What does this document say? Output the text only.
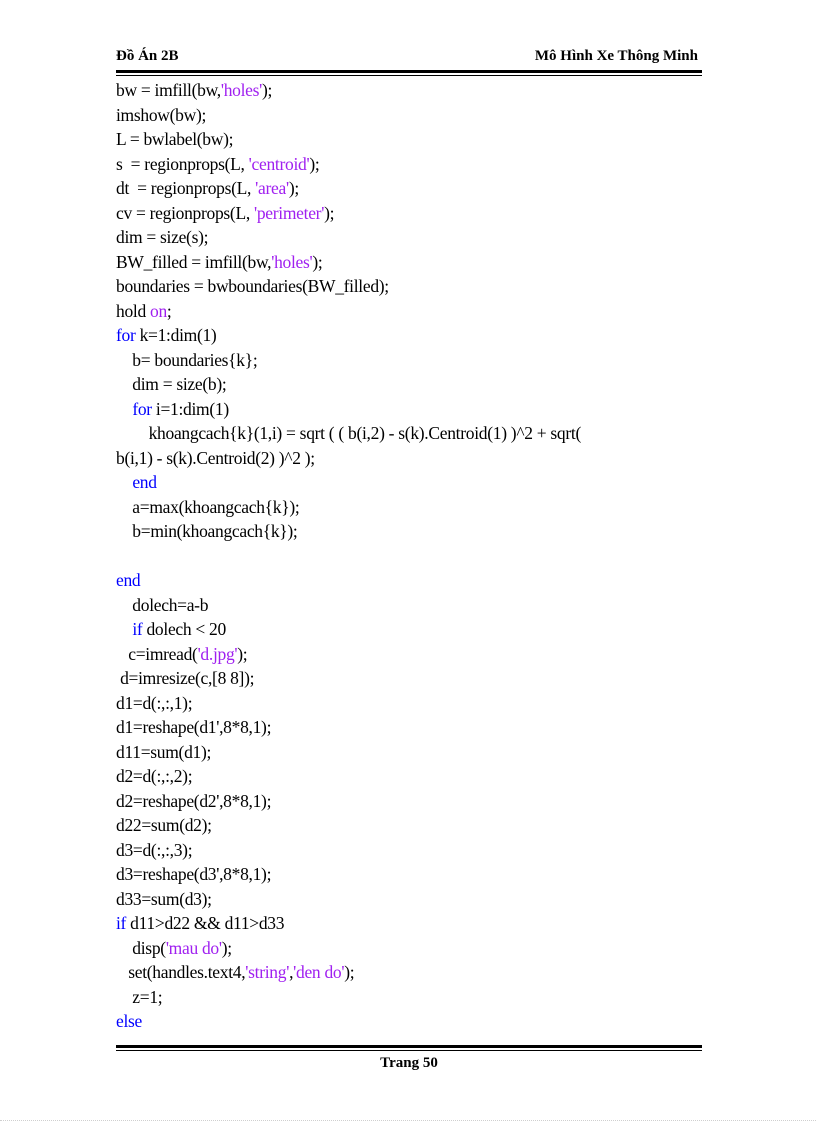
Đồ Án 2B	Mô Hình Xe Thông Minh
bw = imfill(bw,'holes');
imshow(bw);
L = bwlabel(bw);
s  = regionprops(L, 'centroid');
dt  = regionprops(L, 'area');
cv = regionprops(L, 'perimeter');
dim = size(s);
BW_filled = imfill(bw,'holes');
boundaries = bwboundaries(BW_filled);
hold on;
for k=1:dim(1)
b= boundaries{k};
dim = size(b);
for i=1:dim(1)
khoangcach{k}(1,i) = sqrt ( ( b(i,2) - s(k).Centroid(1) )^2 + sqrt(
b(i,1) - s(k).Centroid(2) )^2 );
end
a=max(khoangcach{k});
b=min(khoangcach{k});
end
dolech=a-b
if dolech < 20
c=imread('d.jpg');
d=imresize(c,[8 8]);
d1=d(:,:,1);
d1=reshape(d1',8*8,1);
d11=sum(d1);
d2=d(:,:,2);
d2=reshape(d2',8*8,1);
d22=sum(d2);
d3=d(:,:,3);
d3=reshape(d3',8*8,1);
d33=sum(d3);
if d11>d22 && d11>d33
disp('mau do');
set(handles.text4,'string','den do');
z=1;
else
Trang 50
